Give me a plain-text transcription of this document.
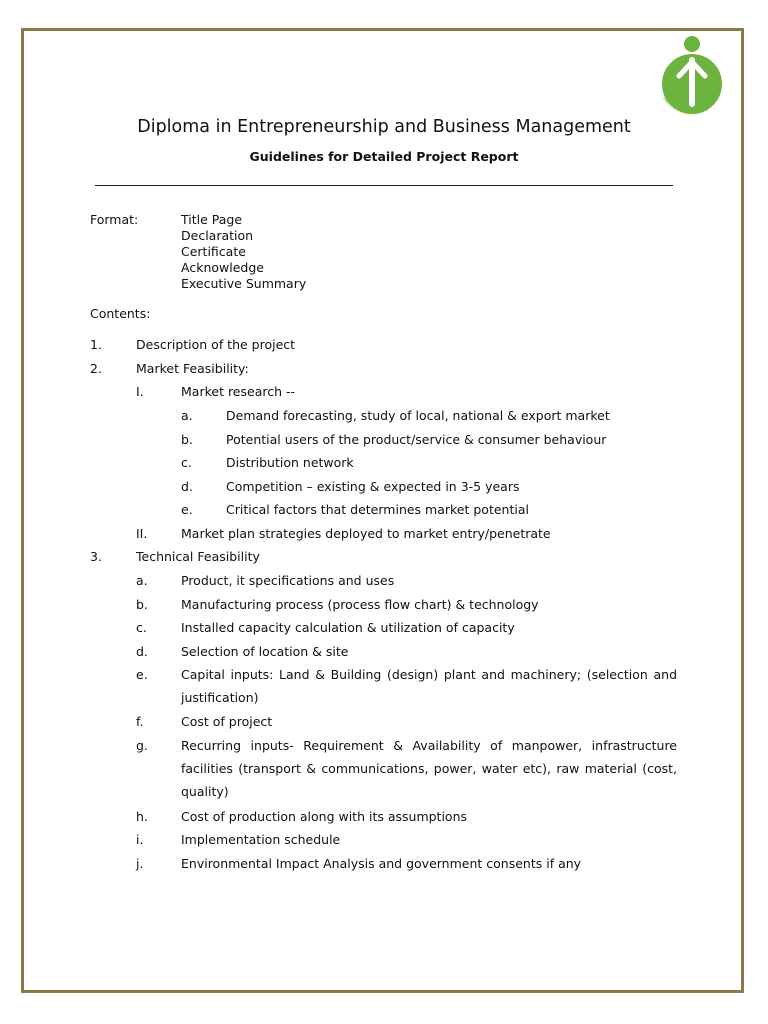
उद्यमिता विकास संस्थान
Diploma in Entrepreneurship and Business Management
Guidelines for Detailed Project Report
Format:	Title Page
Declaration
Certificate
Acknowledge
Executive Summary
Contents:
1.	Description of the project
2.	Market Feasibility:
I.	Market research --
a.	Demand forecasting, study of local, national & export market
b.	Potential users of the product/service & consumer behaviour
c.	Distribution network
d.	Competition – existing & expected in 3-5 years
e.	Critical factors that determines market potential
II.	Market plan strategies deployed to market entry/penetrate
3.	Technical Feasibility
a.	Product, it specifications and uses
b.	Manufacturing process (process flow chart) & technology
c.	Installed capacity calculation & utilization of capacity
d.	Selection of location & site
e.	Capital inputs: Land & Building (design) plant and machinery; (selection and justification)
f.	Cost of project
g.	Recurring inputs- Requirement & Availability of manpower, infrastructure facilities (transport & communications, power, water etc), raw material (cost, quality)
h.	Cost of production along with its assumptions
i.	Implementation schedule
j.	Environmental Impact Analysis and government consents if any
